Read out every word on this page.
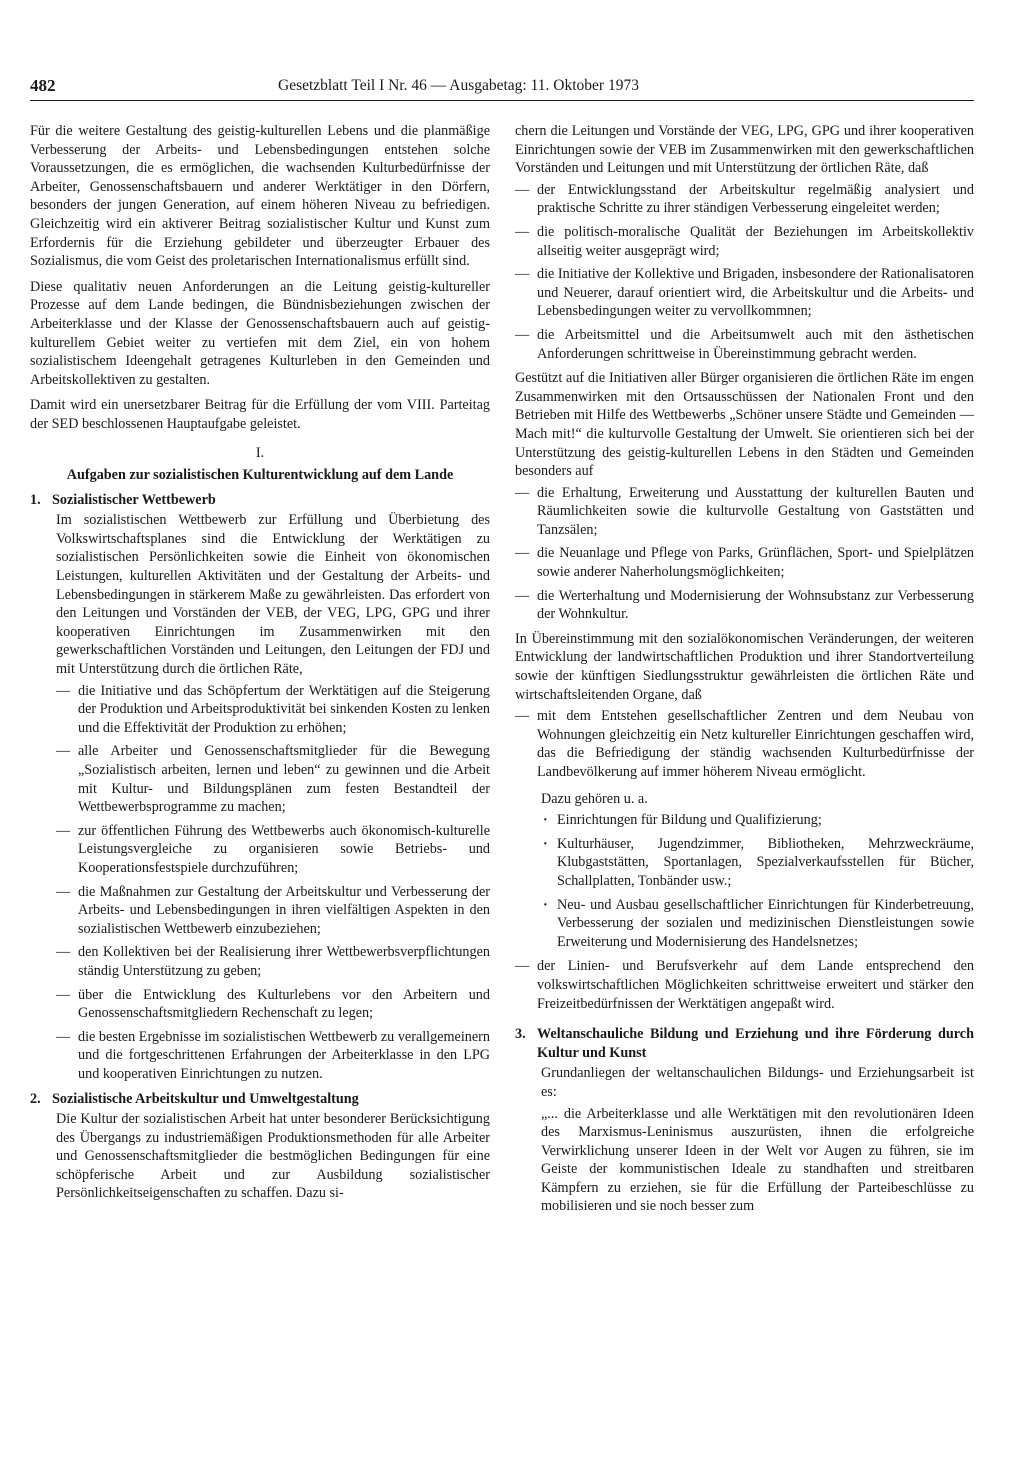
482	Gesetzblatt Teil I Nr. 46 — Ausgabetag: 11. Oktober 1973

Für die weitere Gestaltung des geistig-kulturellen Lebens und die planmäßige Verbesserung der Arbeits- und Lebensbedingungen entstehen solche Voraussetzungen, die es ermöglichen, die wachsenden Kulturbedürfnisse der Arbeiter, Genossenschaftsbauern und anderer Werktätiger in den Dörfern, besonders der jungen Generation, auf einem höheren Niveau zu befriedigen. Gleichzeitig wird ein aktiverer Beitrag sozialistischer Kultur und Kunst zum Erfordernis für die Erziehung gebildeter und überzeugter Erbauer des Sozialismus, die vom Geist des proletarischen Internationalismus erfüllt sind.

Diese qualitativ neuen Anforderungen an die Leitung geistig-kultureller Prozesse auf dem Lande bedingen, die Bündnisbeziehungen zwischen der Arbeiterklasse und der Klasse der Genossenschaftsbauern auch auf geistig-kulturellem Gebiet weiter zu vertiefen mit dem Ziel, ein von hohem sozialistischem Ideengehalt getragenes Kulturleben in den Gemeinden und Arbeitskollektiven zu gestalten.

Damit wird ein unersetzbarer Beitrag für die Erfüllung der vom VIII. Parteitag der SED beschlossenen Hauptaufgabe geleistet.

I.
Aufgaben zur sozialistischen Kulturentwicklung auf dem Lande
1. Sozialistischer Wettbewerb

Im sozialistischen Wettbewerb zur Erfüllung und Überbietung des Volkswirtschaftsplanes sind die Entwicklung der Werktätigen zu sozialistischen Persönlichkeiten sowie die Einheit von ökonomischen Leistungen, kulturellen Aktivitäten und der Gestaltung der Arbeits- und Lebensbedingungen in stärkerem Maße zu gewährleisten. Das erfordert von den Leitungen und Vorständen der VEB, der VEG, LPG, GPG und ihrer kooperativen Einrichtungen im Zusammenwirken mit den gewerkschaftlichen Vorständen und Leitungen, den Leitungen der FDJ und mit Unterstützung durch die örtlichen Räte,

— die Initiative und das Schöpfertum der Werktätigen auf die Steigerung der Produktion und Arbeitsproduktivität bei sinkenden Kosten zu lenken und die Effektivität der Produktion zu erhöhen;
— alle Arbeiter und Genossenschaftsmitglieder für die Bewegung „Sozialistisch arbeiten, lernen und leben“ zu gewinnen und die Arbeit mit Kultur- und Bildungsplänen zum festen Bestandteil der Wettbewerbsprogramme zu machen;
— zur öffentlichen Führung des Wettbewerbs auch ökonomisch-kulturelle Leistungsvergleiche zu organisieren sowie Betriebs- und Kooperationsfestspiele durchzuführen;
— die Maßnahmen zur Gestaltung der Arbeitskultur und Verbesserung der Arbeits- und Lebensbedingungen in ihren vielfältigen Aspekten in den sozialistischen Wettbewerb einzubeziehen;
— den Kollektiven bei der Realisierung ihrer Wettbewerbsverpflichtungen ständig Unterstützung zu geben;
— über die Entwicklung des Kulturlebens vor den Arbeitern und Genossenschaftsmitgliedern Rechenschaft zu legen;
— die besten Ergebnisse im sozialistischen Wettbewerb zu verallgemeinern und die fortgeschrittenen Erfahrungen der Arbeiterklasse in den LPG und kooperativen Einrichtungen zu nutzen.
2. Sozialistische Arbeitskultur und Umweltgestaltung

Die Kultur der sozialistischen Arbeit hat unter besonderer Berücksichtigung des Übergangs zu industriemäßigen Produktionsmethoden für alle Arbeiter und Genossenschaftsmitglieder die bestmöglichen Bedingungen für eine schöpferische Arbeit und zur Ausbildung sozialistischer Persönlichkeitseigenschaften zu schaffen. Dazu si-

chern die Leitungen und Vorstände der VEG, LPG, GPG und ihrer kooperativen Einrichtungen sowie der VEB im Zusammenwirken mit den gewerkschaftlichen Vorständen und Leitungen und mit Unterstützung der örtlichen Räte, daß

— der Entwicklungsstand der Arbeitskultur regelmäßig analysiert und praktische Schritte zu ihrer ständigen Verbesserung eingeleitet werden;
— die politisch-moralische Qualität der Beziehungen im Arbeitskollektiv allseitig weiter ausgeprägt wird;
— die Initiative der Kollektive und Brigaden, insbesondere der Rationalisatoren und Neuerer, darauf orientiert wird, die Arbeitskultur und die Arbeits- und Lebensbedingungen weiter zu vervollkommnen;
— die Arbeitsmittel und die Arbeitsumwelt auch mit den ästhetischen Anforderungen schrittweise in Übereinstimmung gebracht werden.

Gestützt auf die Initiativen aller Bürger organisieren die örtlichen Räte im engen Zusammenwirken mit den Ortsausschüssen der Nationalen Front und den Betrieben mit Hilfe des Wettbewerbs „Schöner unsere Städte und Gemeinden — Mach mit!“ die kulturvolle Gestaltung der Umwelt. Sie orientieren sich bei der Unterstützung des geistig-kulturellen Lebens in den Städten und Gemeinden besonders auf

— die Erhaltung, Erweiterung und Ausstattung der kulturellen Bauten und Räumlichkeiten sowie die kulturvolle Gestaltung von Gaststätten und Tanzsälen;
— die Neuanlage und Pflege von Parks, Grünflächen, Sport- und Spielplätzen sowie anderer Naherholungsmöglichkeiten;
— die Werterhaltung und Modernisierung der Wohnsubstanz zur Verbesserung der Wohnkultur.

In Übereinstimmung mit den sozialökonomischen Veränderungen, der weiteren Entwicklung der landwirtschaftlichen Produktion und ihrer Standortverteilung sowie der künftigen Siedlungsstruktur gewährleisten die örtlichen Räte und wirtschaftsleitenden Organe, daß

— mit dem Entstehen gesellschaftlicher Zentren und dem Neubau von Wohnungen gleichzeitig ein Netz kultureller Einrichtungen geschaffen wird, das die Befriedigung der ständig wachsenden Kulturbedürfnisse der Landbevölkerung auf immer höherem Niveau ermöglicht.

Dazu gehören u. a.

· Einrichtungen für Bildung und Qualifizierung;
· Kulturhäuser, Jugendzimmer, Bibliotheken, Mehrzweckräume, Klubgaststätten, Sportanlagen, Spezialverkaufsstellen für Bücher, Schallplatten, Tonbänder usw.;
· Neu- und Ausbau gesellschaftlicher Einrichtungen für Kinderbetreuung, Verbesserung der sozialen und medizinischen Dienstleistungen sowie Erweiterung und Modernisierung des Handelsnetzes;
— der Linien- und Berufsverkehr auf dem Lande entsprechend den volkswirtschaftlichen Möglichkeiten schrittweise erweitert und stärker den Freizeitbedürfnissen der Werktätigen angepaßt wird.
3. Weltanschauliche Bildung und Erziehung und ihre Förderung durch Kultur und Kunst

Grundanliegen der weltanschaulichen Bildungs- und Erziehungsarbeit ist es:

„... die Arbeiterklasse und alle Werktätigen mit den revolutionären Ideen des Marxismus-Leninismus auszurüsten, ihnen die erfolgreiche Verwirklichung unserer Ideen in der Welt vor Augen zu führen, sie im Geiste der kommunistischen Ideale zu standhaften und streitbaren Kämpfern zu erziehen, sie für die Erfüllung der Parteibeschlüsse zu mobilisieren und sie noch besser zum
